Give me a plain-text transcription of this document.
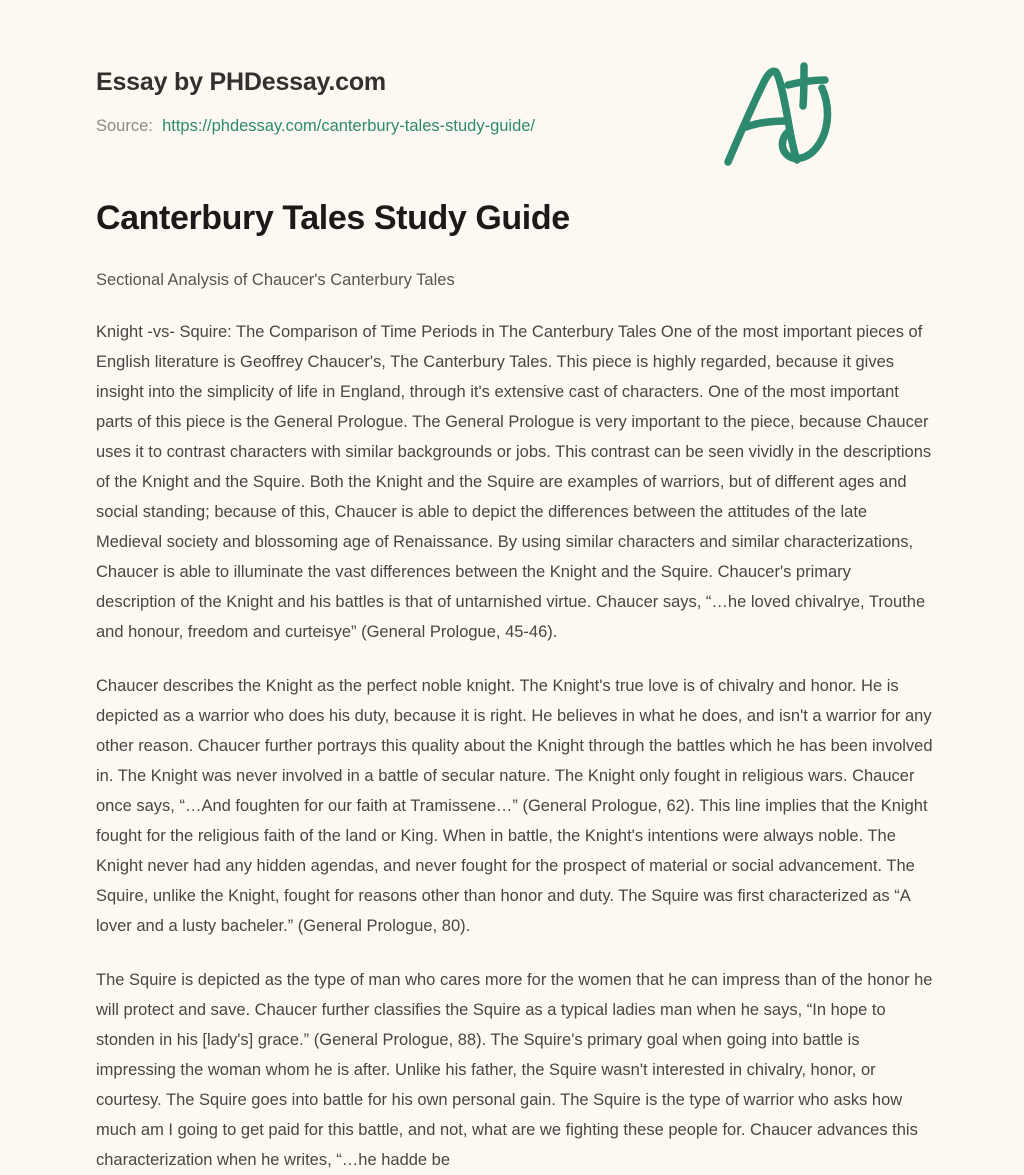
Essay by PHDessay.com
Source: https://phdessay.com/canterbury-tales-study-guide/
Canterbury Tales Study Guide
Sectional Analysis of Chaucer's Canterbury Tales

Knight -vs- Squire: The Comparison of Time Periods in The Canterbury Tales One of the most important pieces of English literature is Geoffrey Chaucer's, The Canterbury Tales. This piece is highly regarded, because it gives insight into the simplicity of life in England, through it's extensive cast of characters. One of the most important parts of this piece is the General Prologue. The General Prologue is very important to the piece, because Chaucer uses it to contrast characters with similar backgrounds or jobs. This contrast can be seen vividly in the descriptions of the Knight and the Squire. Both the Knight and the Squire are examples of warriors, but of different ages and social standing; because of this, Chaucer is able to depict the differences between the attitudes of the late Medieval society and blossoming age of Renaissance. By using similar characters and similar characterizations, Chaucer is able to illuminate the vast differences between the Knight and the Squire. Chaucer's primary description of the Knight and his battles is that of untarnished virtue. Chaucer says, “…he loved chivalrye, Trouthe and honour, freedom and curteisye” (General Prologue, 45-46).

Chaucer describes the Knight as the perfect noble knight. The Knight's true love is of chivalry and honor. He is depicted as a warrior who does his duty, because it is right. He believes in what he does, and isn't a warrior for any other reason. Chaucer further portrays this quality about the Knight through the battles which he has been involved in. The Knight was never involved in a battle of secular nature. The Knight only fought in religious wars. Chaucer once says, “…And foughten for our faith at Tramissene…” (General Prologue, 62). This line implies that the Knight fought for the religious faith of the land or King. When in battle, the Knight's intentions were always noble. The Knight never had any hidden agendas, and never fought for the prospect of material or social advancement. The Squire, unlike the Knight, fought for reasons other than honor and duty. The Squire was first characterized as “A lover and a lusty bacheler.” (General Prologue, 80).

The Squire is depicted as the type of man who cares more for the women that he can impress than of the honor he will protect and save. Chaucer further classifies the Squire as a typical ladies man when he says, “In hope to stonden in his [lady's] grace.” (General Prologue, 88). The Squire's primary goal when going into battle is impressing the woman whom he is after. Unlike his father, the Squire wasn't interested in chivalry, honor, or courtesy. The Squire goes into battle for his own personal gain. The Squire is the type of warrior who asks how much am I going to get paid for this battle, and not, what are we fighting these people for. Chaucer advances this characterization when he writes, “…he hadde be
